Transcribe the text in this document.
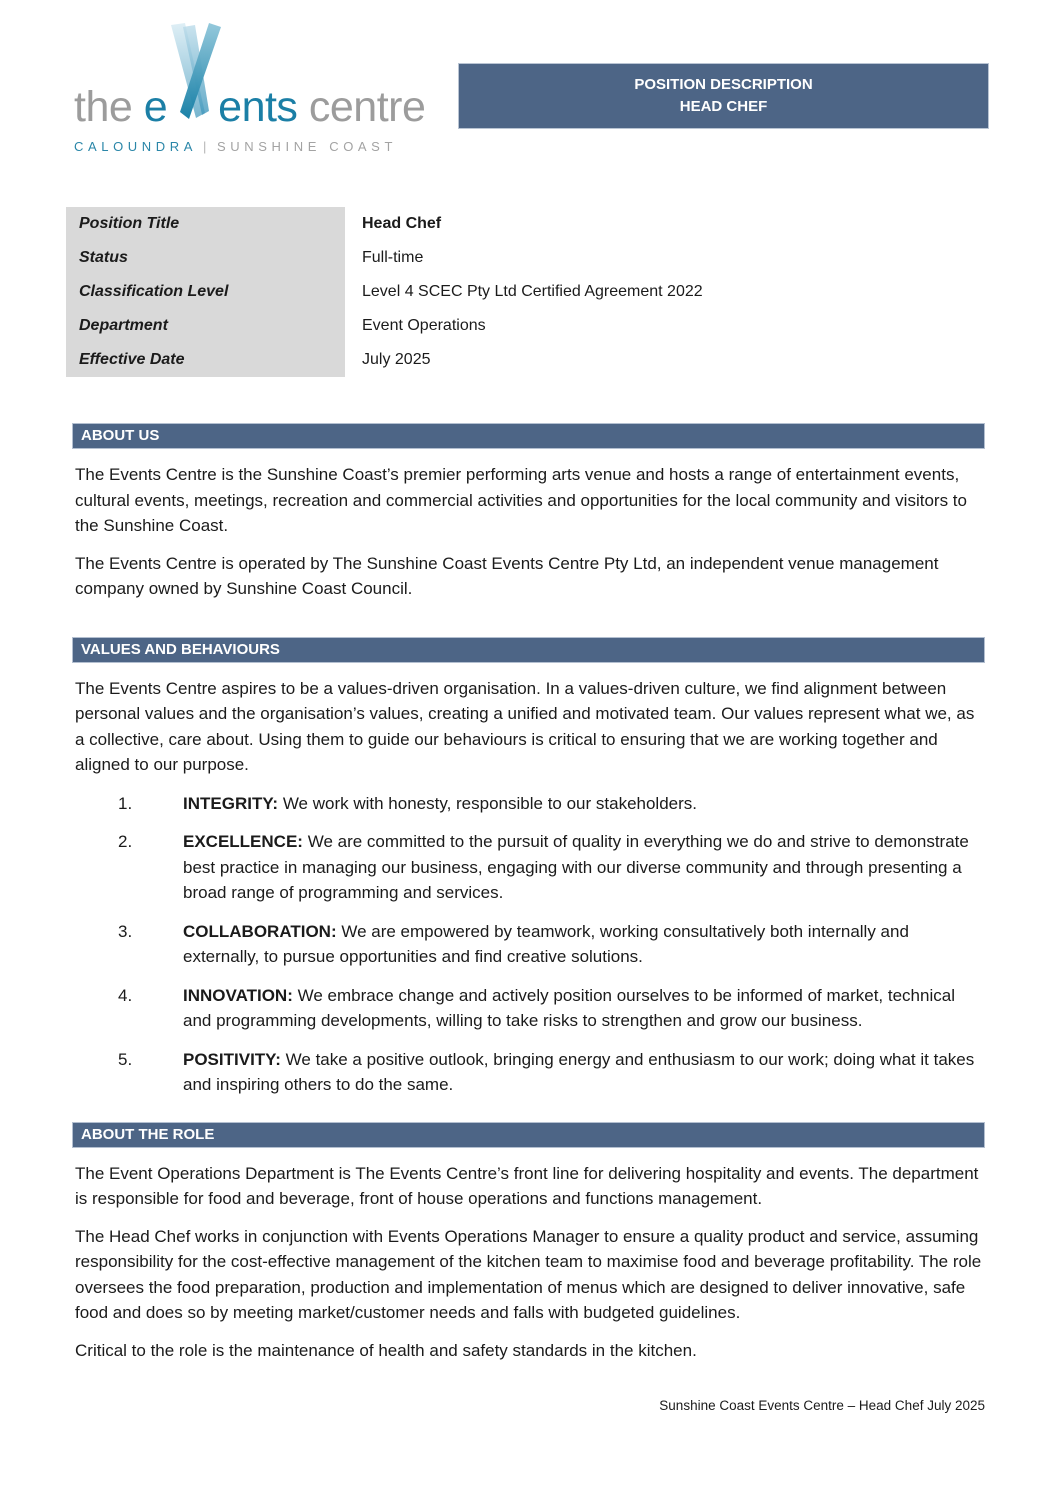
the
e ents
centre
CALOUNDRA | SUNSHINE COAST
POSITION DESCRIPTION
HEAD CHEF
Position Title	Head Chef
Status	Full-time
Classification Level	Level 4 SCEC Pty Ltd Certified Agreement 2022
Department	Event Operations
Effective Date	July 2025
ABOUT US

The Events Centre is the Sunshine Coast’s premier performing arts venue and hosts a range of entertainment events, cultural events, meetings, recreation and commercial activities and opportunities for the local community and visitors to the Sunshine Coast.

The Events Centre is operated by The Sunshine Coast Events Centre Pty Ltd, an independent venue management company owned by Sunshine Coast Council.

VALUES AND BEHAVIOURS

The Events Centre aspires to be a values-driven organisation. In a values-driven culture, we find alignment between personal values and the organisation’s values, creating a unified and motivated team. Our values represent what we, as a collective, care about. Using them to guide our behaviours is critical to ensuring that we are working together and aligned to our purpose.

1.	INTEGRITY: We work with honesty, responsible to our stakeholders.
2.	EXCELLENCE: We are committed to the pursuit of quality in everything we do and strive to demonstrate best practice in managing our business, engaging with our diverse community and through presenting a broad range of programming and services.
3.	COLLABORATION: We are empowered by teamwork, working consultatively both internally and externally, to pursue opportunities and find creative solutions.
4.	INNOVATION: We embrace change and actively position ourselves to be informed of market, technical and programming developments, willing to take risks to strengthen and grow our business.
5.	POSITIVITY: We take a positive outlook, bringing energy and enthusiasm to our work; doing what it takes and inspiring others to do the same.
ABOUT THE ROLE

The Event Operations Department is The Events Centre’s front line for delivering hospitality and events. The department is responsible for food and beverage, front of house operations and functions management.

The Head Chef works in conjunction with Events Operations Manager to ensure a quality product and service, assuming responsibility for the cost-effective management of the kitchen team to maximise food and beverage profitability. The role oversees the food preparation, production and implementation of menus which are designed to deliver innovative, safe food and does so by meeting market/customer needs and falls with budgeted guidelines.

Critical to the role is the maintenance of health and safety standards in the kitchen.

Sunshine Coast Events Centre – Head Chef July 2025
